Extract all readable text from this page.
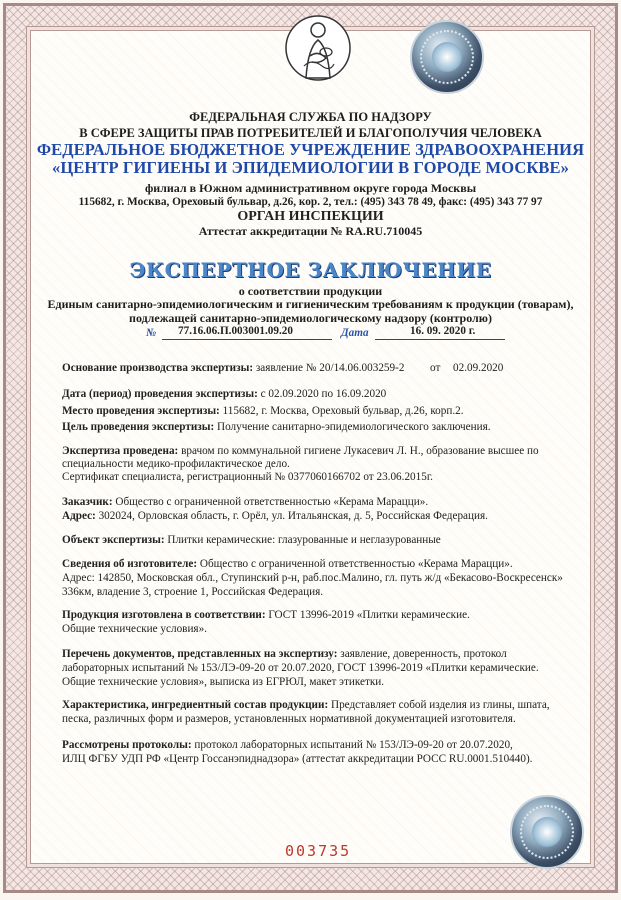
ФЕДЕРАЛЬНАЯ СЛУЖБА ПО НАДЗОРУ
В СФЕРЕ ЗАЩИТЫ ПРАВ ПОТРЕБИТЕЛЕЙ И БЛАГОПОЛУЧИЯ ЧЕЛОВЕКА
ФЕДЕРАЛЬНОЕ БЮДЖЕТНОЕ УЧРЕЖДЕНИЕ ЗДРАВООХРАНЕНИЯ
«ЦЕНТР ГИГИЕНЫ И ЭПИДЕМИОЛОГИИ В ГОРОДЕ МОСКВЕ»
филиал в Южном административном округе города Москвы
115682, г. Москва, Ореховый бульвар, д.26, кор. 2, тел.: (495) 343 78 49, факс: (495) 343 77 97
ОРГАН ИНСПЕКЦИИ
Аттестат аккредитации № RA.RU.710045
ЭКСПЕРТНОЕ ЗАКЛЮЧЕНИЕ
о соответствии продукции
Единым санитарно-эпидемиологическим и гигиеническим требованиям к продукции (товарам),
подлежащей санитарно-эпидемиологическому надзору (контролю)
№ 77.16.06.П.003001.09.20	Дата	16. 09. 2020 г.
Основание производства экспертизы: заявление № 20/14.06.003259-2 от 02.09.2020
Дата (период) проведения экспертизы: с 02.09.2020 по 16.09.2020
Место проведения экспертизы: 115682, г. Москва, Ореховый бульвар, д.26, корп.2.
Цель проведения экспертизы: Получение санитарно-эпидемиологического заключения.
Экспертиза проведена: врачом по коммунальной гигиене Лукасевич Л. Н., образование высшее по
специальности медико-профилактическое дело.
Сертификат специалиста, регистрационный № 0377060166702 от 23.06.2015г.
Заказчик: Общество с ограниченной ответственностью «Керама Марацци».
Адрес: 302024, Орловская область, г. Орёл, ул. Итальянская, д. 5, Российская Федерация.
Объект экспертизы: Плитки керамические: глазурованные и неглазурованные
Сведения об изготовителе: Общество с ограниченной ответственностью «Керама Марацци».
Адрес: 142850, Московская обл., Ступинский р-н, раб.пос.Малино, гл. путь ж/д «Бекасово-Воскресенск»
336км, владение 3, строение 1, Российская Федерация.
Продукция изготовлена в соответствии: ГОСТ 13996-2019 «Плитки керамические.
Общие технические условия».
Перечень документов, представленных на экспертизу: заявление, доверенность, протокол
лабораторных испытаний № 153/ЛЭ-09-20 от 20.07.2020, ГОСТ 13996-2019 «Плитки керамические.
Общие технические условия», выписка из ЕГРЮЛ, макет этикетки.
Характеристика, ингредиентный состав продукции: Представляет собой изделия из глины, шпата,
песка, различных форм и размеров, установленных нормативной документацией изготовителя.
Рассмотрены протоколы: протокол лабораторных испытаний № 153/ЛЭ-09-20 от 20.07.2020,
ИЛЦ ФГБУ УДП РФ «Центр Госсанэпиднадзора» (аттестат аккредитации РОСС RU.0001.510440).
003735
